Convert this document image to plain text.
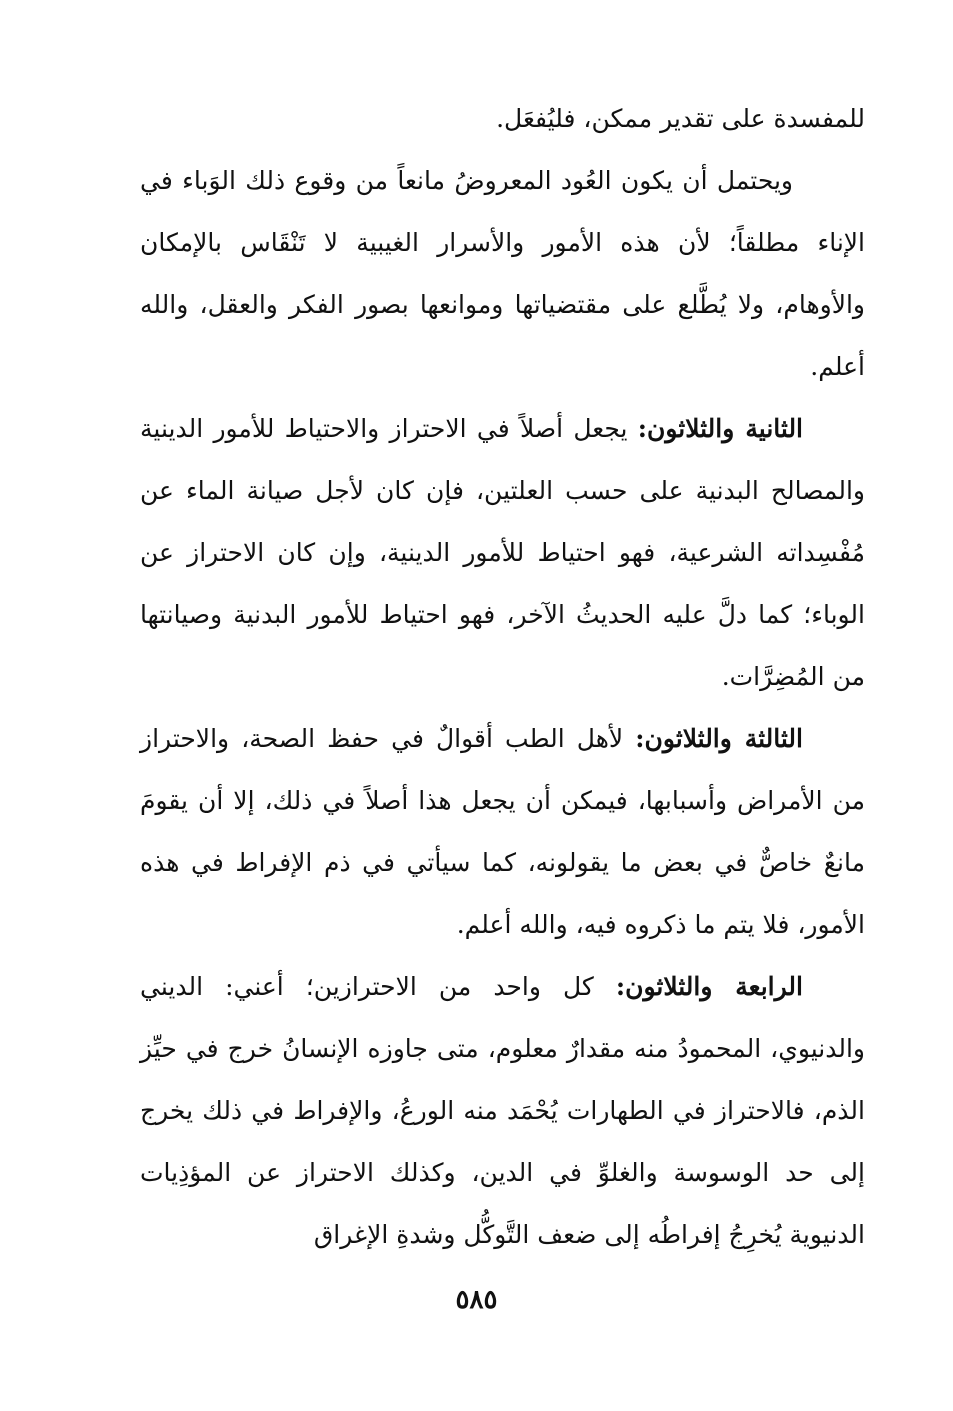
للمفسدة على تقدير ممكن، فليُفعَل.

ويحتمل أن يكون العُود المعروضُ مانعاً من وقوع ذلك الوَباء في الإناء مطلقاً؛ لأن هذه الأمور والأسرار الغيبية لا تَنْقَاس بالإمكان والأوهام، ولا يُطَّلع على مقتضياتها وموانعها بصور الفكر والعقل، والله أعلم.

الثانية والثلاثون: يجعل أصلاً في الاحتراز والاحتياط للأمور الدينية والمصالح البدنية على حسب العلتين، فإن كان لأجل صيانة الماء عن مُفْسِداته الشرعية، فهو احتياط للأمور الدينية، وإن كان الاحتراز عن الوباء؛ كما دلَّ عليه الحديثُ الآخر، فهو احتياط للأمور البدنية وصيانتها من المُضِرَّات.

الثالثة والثلاثون: لأهل الطب أقوالٌ في حفظ الصحة، والاحتراز من الأمراض وأسبابها، فيمكن أن يجعل هذا أصلاً في ذلك، إلا أن يقومَ مانعٌ خاصٌّ في بعض ما يقولونه، كما سيأتي في ذم الإفراط في هذه الأمور، فلا يتم ما ذكروه فيه، والله أعلم.

الرابعة والثلاثون: كل واحد من الاحترازين؛ أعني: الديني والدنيوي، المحمودُ منه مقدارٌ معلوم، متى جاوزه الإنسانُ خرج في حيِّز الذم، فالاحتراز في الطهارات يُحْمَد منه الورعُ، والإفراط في ذلك يخرج إلى حد الوسوسة والغلوِّ في الدين، وكذلك الاحتراز عن المؤذِيات الدنيوية يُخرِجُ إفراطُه إلى ضعف التَّوكُّل وشدةِ الإغراق

٥٨٥
